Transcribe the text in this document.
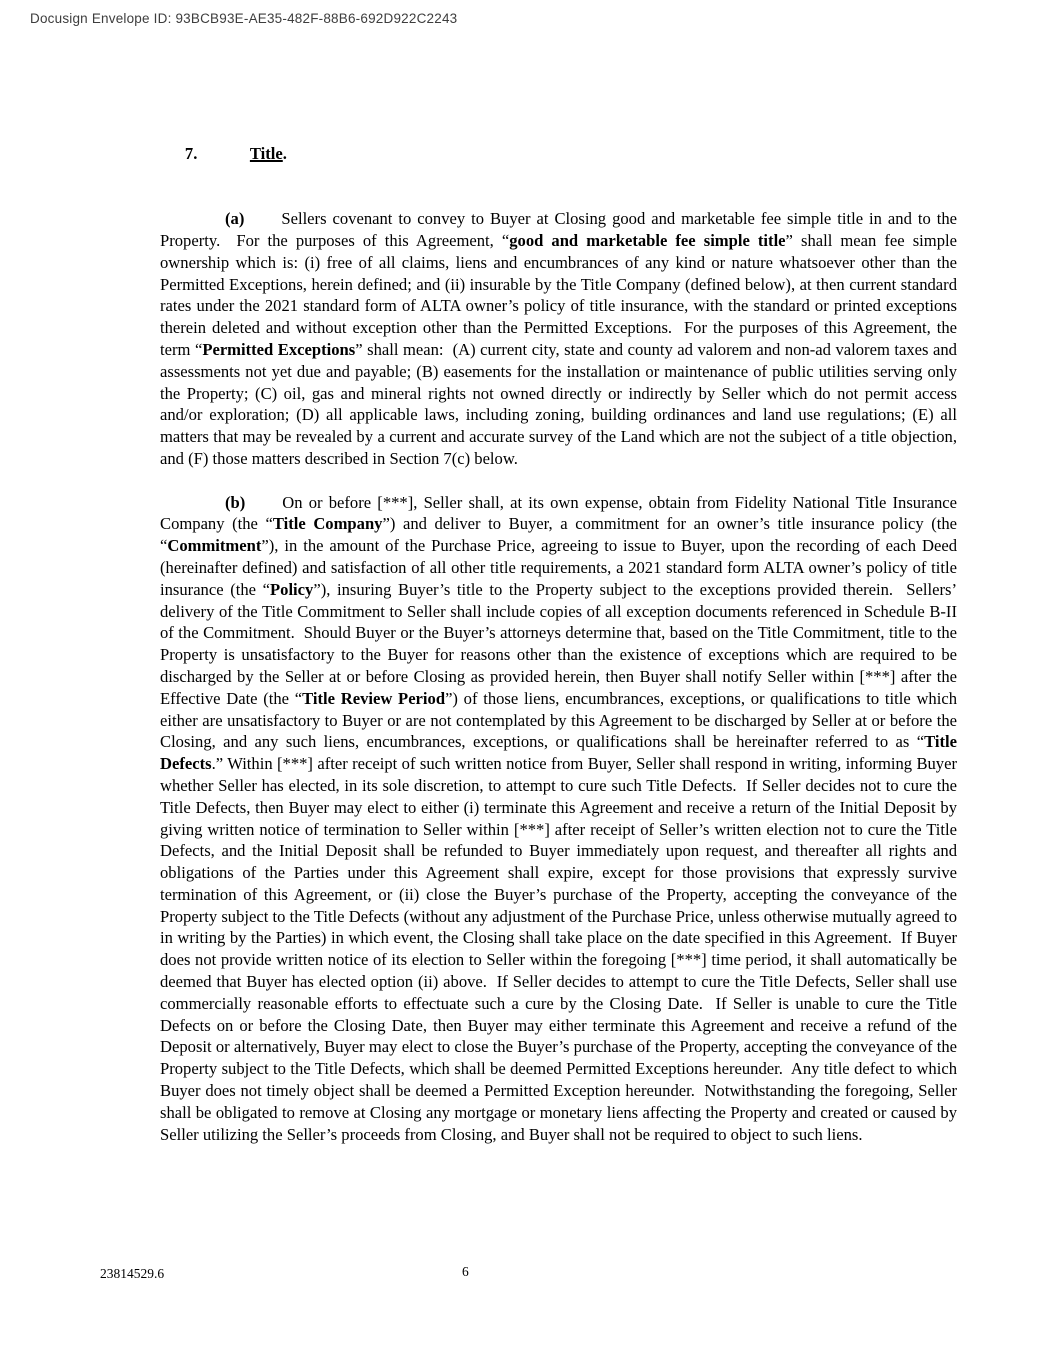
Docusign Envelope ID: 93BCB93E-AE35-482F-88B6-692D922C2243

7.	Title.

(a) Sellers covenant to convey to Buyer at Closing good and marketable fee simple title in and to the Property.  For the purposes of this Agreement, “good and marketable fee simple title” shall mean fee simple ownership which is: (i) free of all claims, liens and encumbrances of any kind or nature whatsoever other than the Permitted Exceptions, herein defined; and (ii) insurable by the Title Company (defined below), at then current standard rates under the 2021 standard form of ALTA owner’s policy of title insurance, with the standard or printed exceptions therein deleted and without exception other than the Permitted Exceptions.  For the purposes of this Agreement, the term “Permitted Exceptions” shall mean:  (A) current city, state and county ad valorem and non-ad valorem taxes and assessments not yet due and payable; (B) easements for the installation or maintenance of public utilities serving only the Property; (C) oil, gas and mineral rights not owned directly or indirectly by Seller which do not permit access and/or exploration; (D) all applicable laws, including zoning, building ordinances and land use regulations; (E) all matters that may be revealed by a current and accurate survey of the Land which are not the subject of a title objection, and (F) those matters described in Section 7(c) below.

(b) On or before [***], Seller shall, at its own expense, obtain from Fidelity National Title Insurance Company (the “Title Company”) and deliver to Buyer, a commitment for an owner’s title insurance policy (the “Commitment”), in the amount of the Purchase Price, agreeing to issue to Buyer, upon the recording of each Deed (hereinafter defined) and satisfaction of all other title requirements, a 2021 standard form ALTA owner’s policy of title insurance (the “Policy”), insuring Buyer’s title to the Property subject to the exceptions provided therein.  Sellers’ delivery of the Title Commitment to Seller shall include copies of all exception documents referenced in Schedule B-II of the Commitment.  Should Buyer or the Buyer’s attorneys determine that, based on the Title Commitment, title to the Property is unsatisfactory to the Buyer for reasons other than the existence of exceptions which are required to be discharged by the Seller at or before Closing as provided herein, then Buyer shall notify Seller within [***] after the Effective Date (the “Title Review Period”) of those liens, encumbrances, exceptions, or qualifications to title which either are unsatisfactory to Buyer or are not contemplated by this Agreement to be discharged by Seller at or before the Closing, and any such liens, encumbrances, exceptions, or qualifications shall be hereinafter referred to as “Title Defects.” Within [***] after receipt of such written notice from Buyer, Seller shall respond in writing, informing Buyer whether Seller has elected, in its sole discretion, to attempt to cure such Title Defects.  If Seller decides not to cure the Title Defects, then Buyer may elect to either (i) terminate this Agreement and receive a return of the Initial Deposit by giving written notice of termination to Seller within [***] after receipt of Seller’s written election not to cure the Title Defects, and the Initial Deposit shall be refunded to Buyer immediately upon request, and thereafter all rights and obligations of the Parties under this Agreement shall expire, except for those provisions that expressly survive termination of this Agreement, or (ii) close the Buyer’s purchase of the Property, accepting the conveyance of the Property subject to the Title Defects (without any adjustment of the Purchase Price, unless otherwise mutually agreed to in writing by the Parties) in which event, the Closing shall take place on the date specified in this Agreement.  If Buyer does not provide written notice of its election to Seller within the foregoing [***] time period, it shall automatically be deemed that Buyer has elected option (ii) above.  If Seller decides to attempt to cure the Title Defects, Seller shall use commercially reasonable efforts to effectuate such a cure by the Closing Date.  If Seller is unable to cure the Title Defects on or before the Closing Date, then Buyer may either terminate this Agreement and receive a refund of the Deposit or alternatively, Buyer may elect to close the Buyer’s purchase of the Property, accepting the conveyance of the Property subject to the Title Defects, which shall be deemed Permitted Exceptions hereunder.  Any title defect to which Buyer does not timely object shall be deemed a Permitted Exception hereunder.  Notwithstanding the foregoing, Seller shall be obligated to remove at Closing any mortgage or monetary liens affecting the Property and created or caused by Seller utilizing the Seller’s proceeds from Closing, and Buyer shall not be required to object to such liens.

23814529.6	6
